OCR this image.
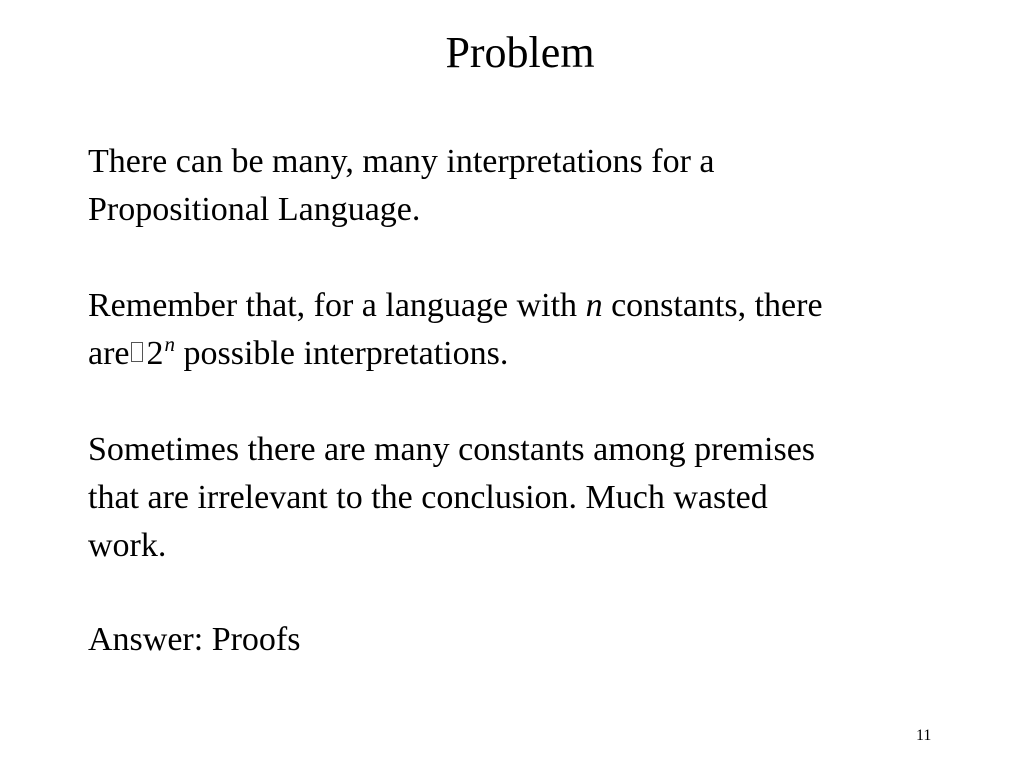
Problem
There can be many, many interpretations for a
Propositional Language.
Remember that, for a language with n constants, there
are 2$^n$ possible interpretations.
Sometimes there are many constants among premises
that are irrelevant to the conclusion. Much wasted
work.
Answer: Proofs
11
